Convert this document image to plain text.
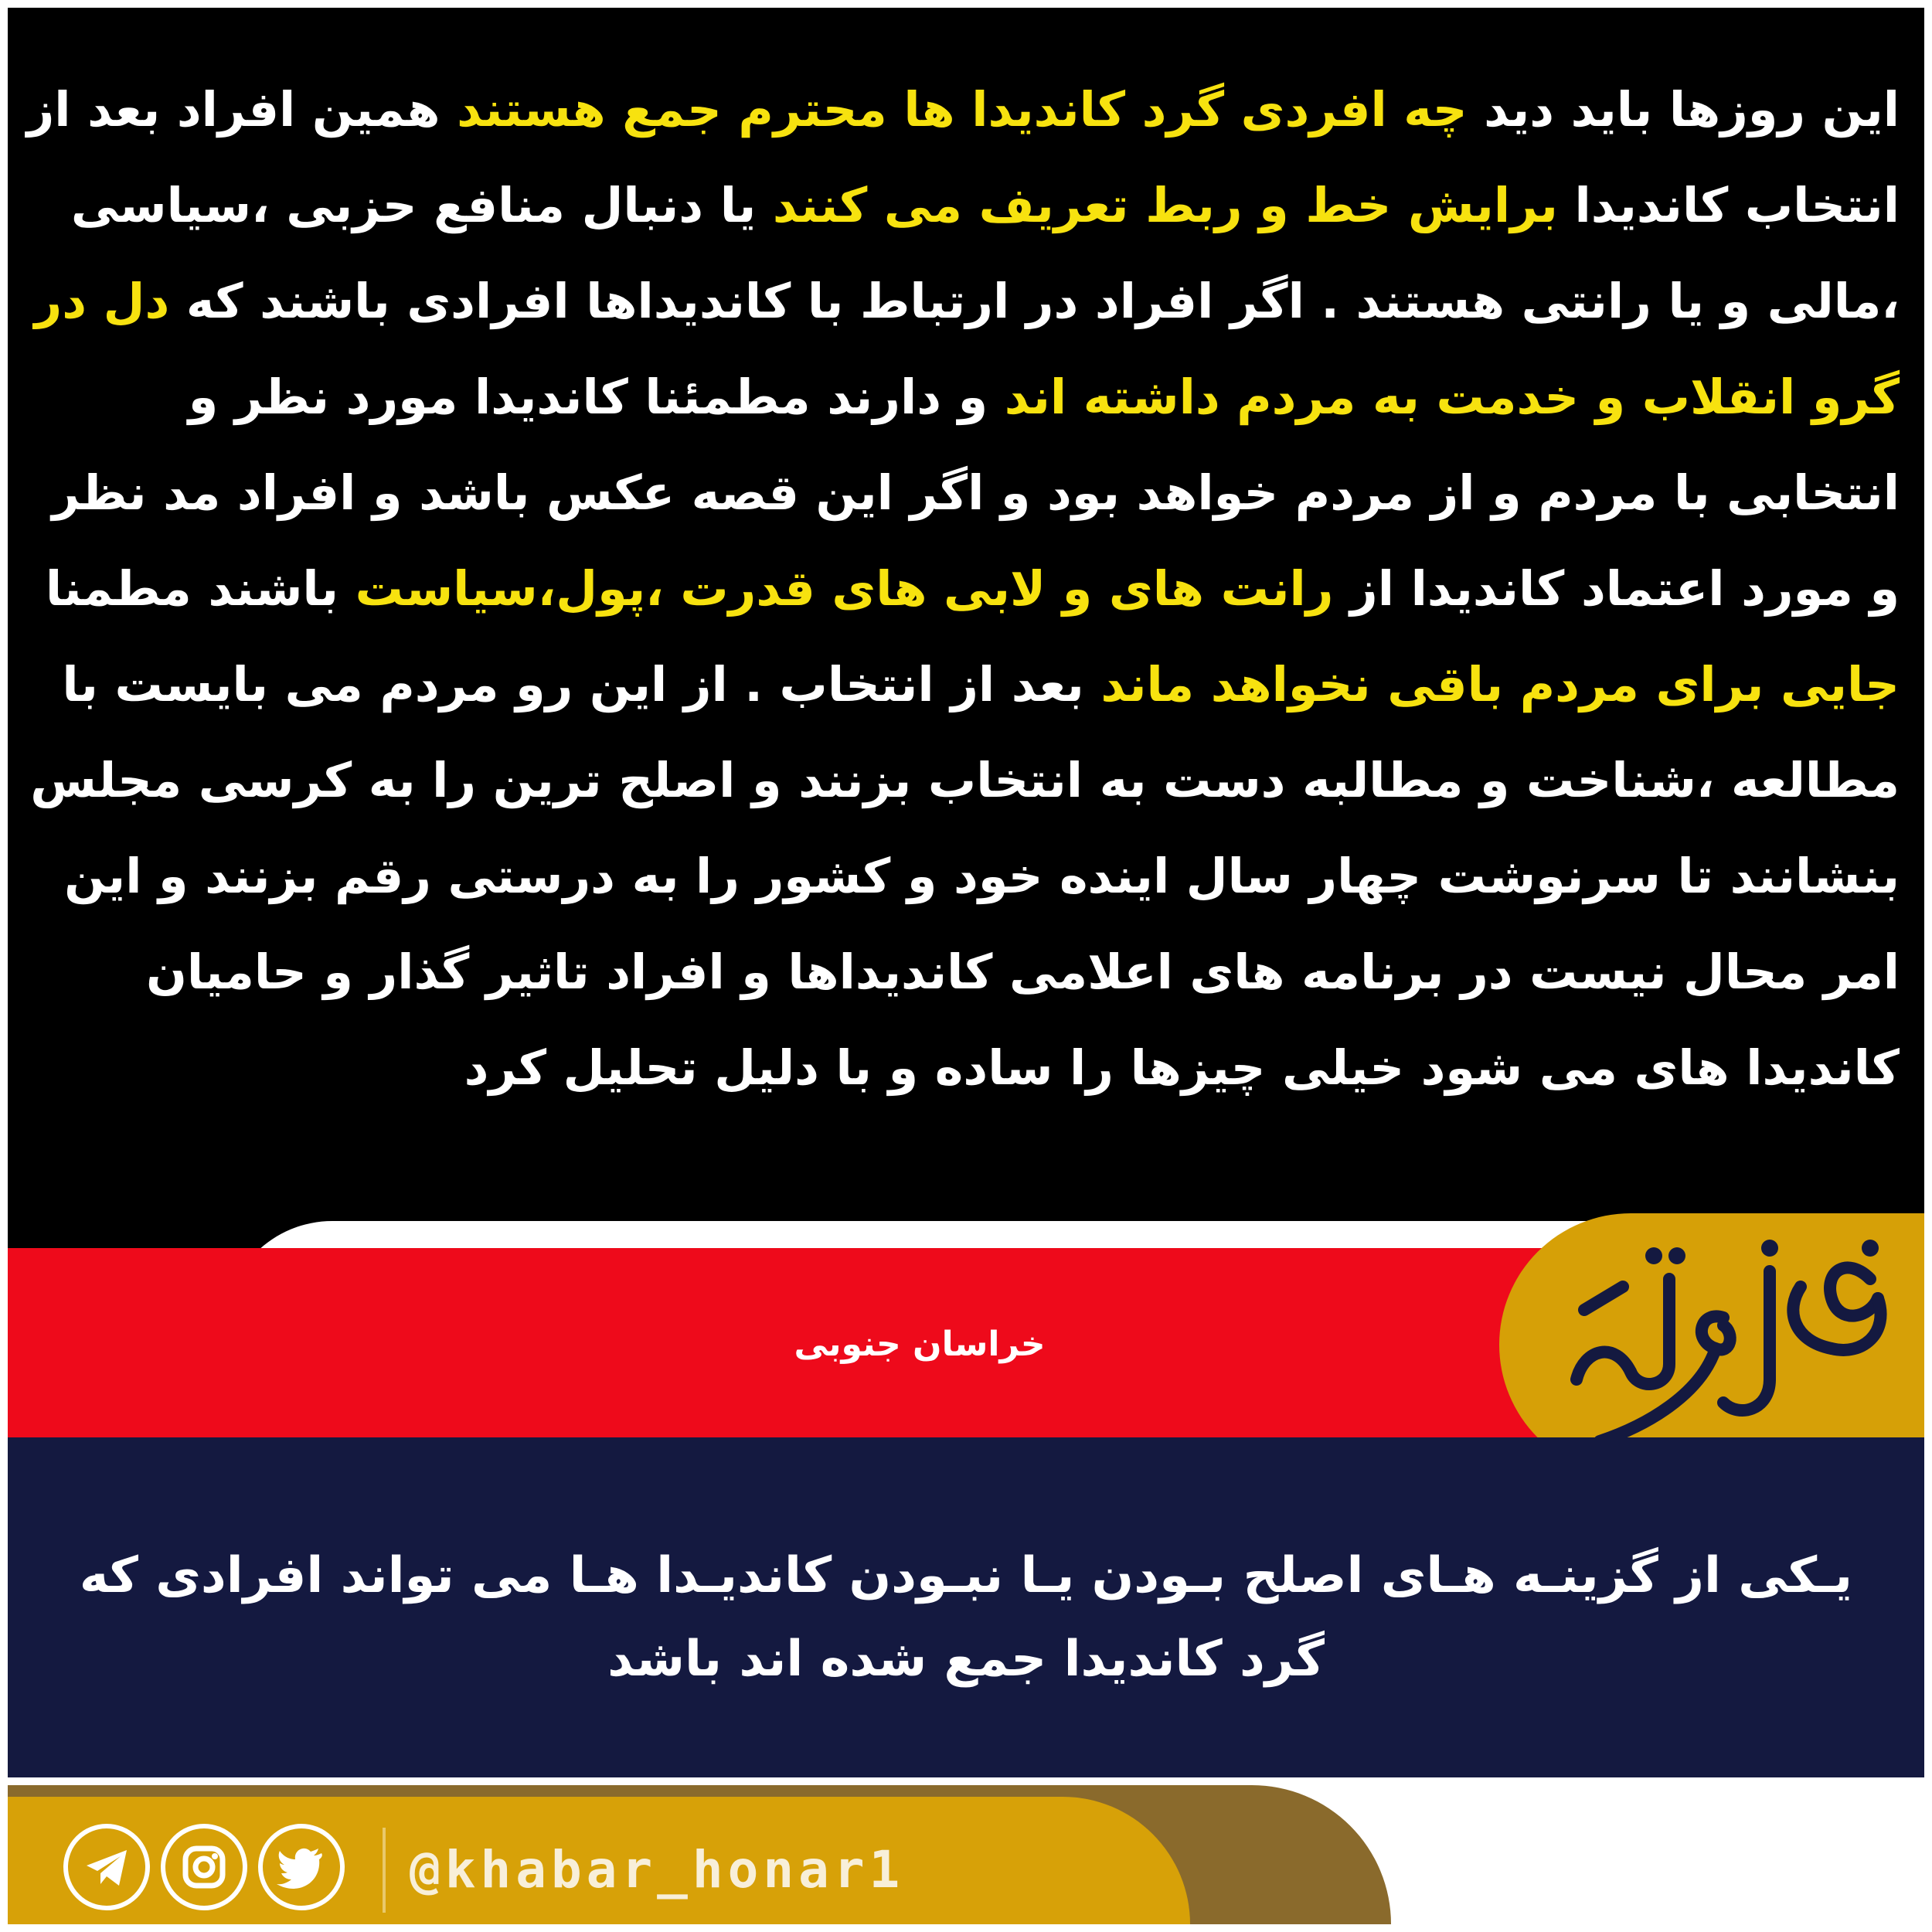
این روزها باید دید چه افردی گرد کاندیدا ها محترم جمع هستند همین افراد بعد از انتخاب کاندیدا برایش خط و ربط تعریف می کنند یا دنبال منافع حزبی ،سیاسی ،مالی و یا رانتی هستند . اگر افراد در ارتباط با کاندیداها افرادی باشند که دل در گرو انقلاب و خدمت به مردم داشته اند و دارند مطمئنا کاندیدا مورد نظر و انتخابی با مردم و از مردم خواهد بود و اگر این قصه عکس باشد و افراد مد نظر و مورد اعتماد کاندیدا از رانت های و لابی های قدرت ،پول،سیاست باشند مطمنا جایی برای مردم باقی نخواهد ماند بعد از انتخاب . از این رو مردم می بایست با مطالعه ،شناخت و مطالبه دست به انتخاب بزنند و اصلح ترین را به کرسی مجلس بنشانند تا سرنوشت چهار سال اینده خود و کشور را به درستی رقم بزنند و این امر محال نیست در برنامه های اعلامی کاندیداها و افراد تاثیر گذار و حامیان کاندیدا های می شود خیلی چیزها را ساده و با دلیل تحلیل کرد

خراسان جنوبی
یـکی از گزینـه هـای اصلح بـودن یـا نبـودن کاندیـدا هـا می تواند افرادی که گرد کاندیدا جمع شده اند باشد
@khabar_honar1
